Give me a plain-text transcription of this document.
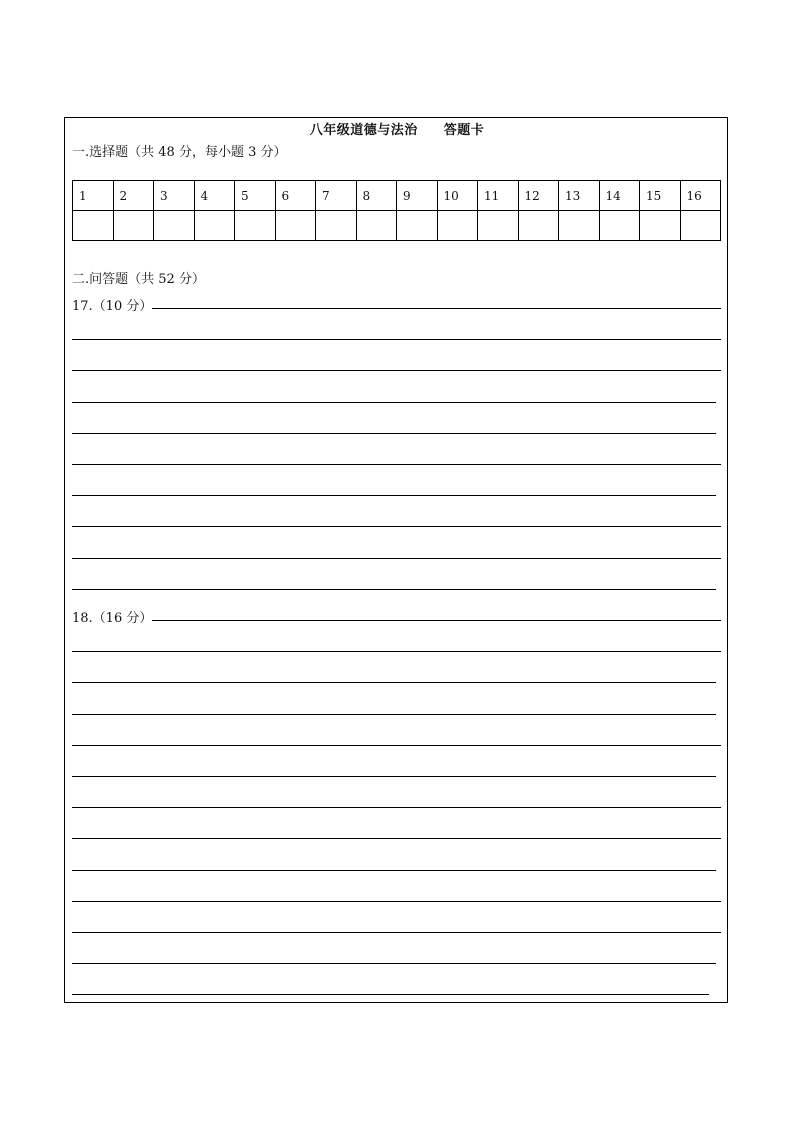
八年级道德与法治 答题卡
一.选择题（共 48 分，每小题 3 分）
1	2	3	4	5	6	7	8	9	10	11	12	13	14	15	16

二.问答题（共 52 分）
17.（10 分）
18.（16 分）
